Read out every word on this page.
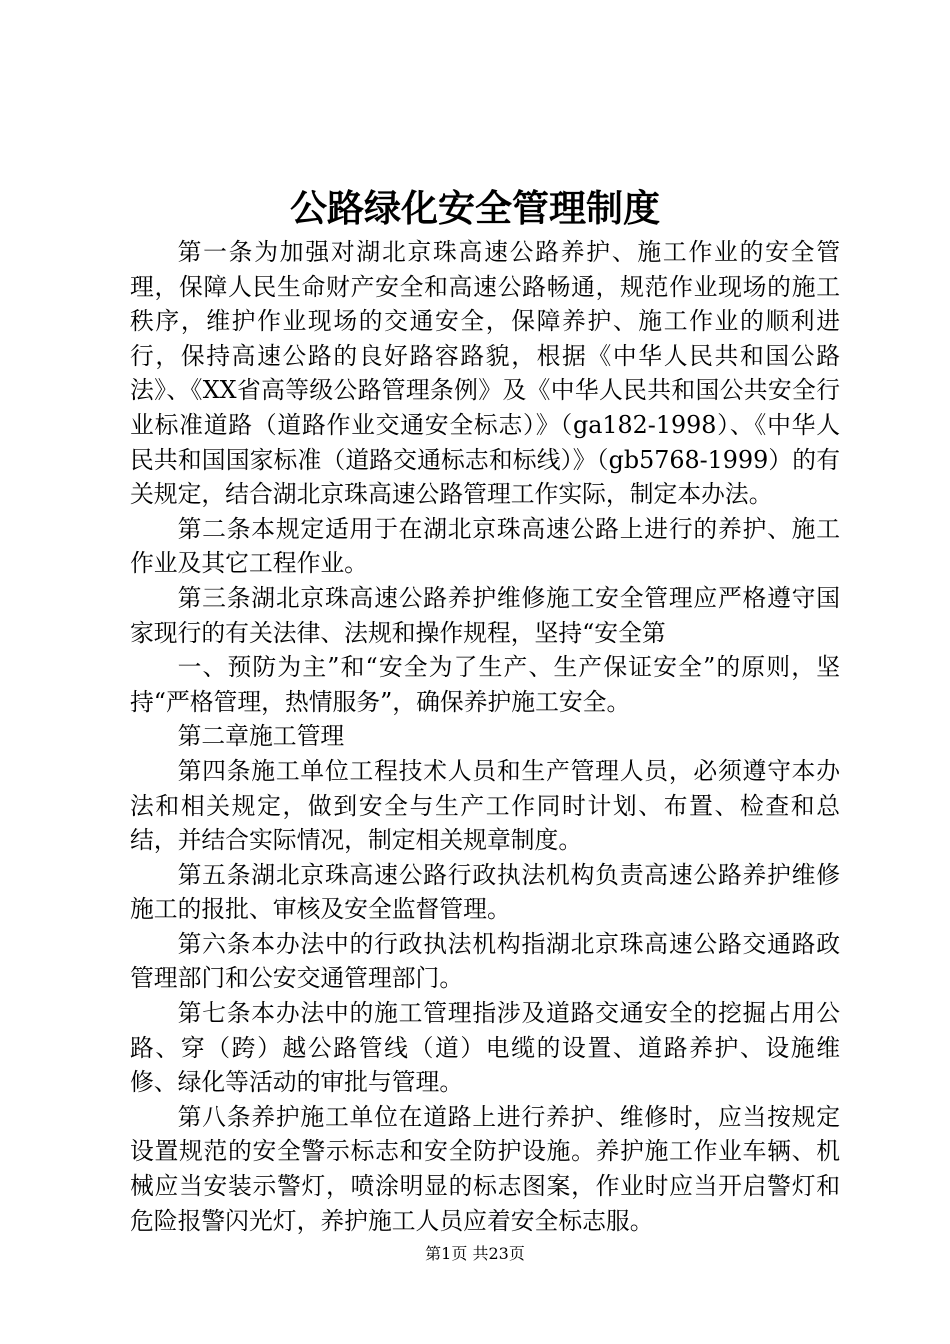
公路绿化安全管理制度

第一条为加强对湖北京珠高速公路养护、施工作业的安全管理，保障人民生命财产安全和高速公路畅通，规范作业现场的施工秩序，维护作业现场的交通安全，保障养护、施工作业的顺利进行，保持高速公路的良好路容路貌，根据《中华人民共和国公路法》、《XX省高等级公路管理条例》及《中华人民共和国公共安全行业标准道路（道路作业交通安全标志）》（ga182-1998）、《中华人民共和国国家标准（道路交通标志和标线）》（gb5768-1999）的有关规定，结合湖北京珠高速公路管理工作实际，制定本办法。

第二条本规定适用于在湖北京珠高速公路上进行的养护、施工作业及其它工程作业。

第三条湖北京珠高速公路养护维修施工安全管理应严格遵守国家现行的有关法律、法规和操作规程，坚持“安全第

一、预防为主”和“安全为了生产、生产保证安全”的原则，坚持“严格管理，热情服务”，确保养护施工安全。

第二章施工管理

第四条施工单位工程技术人员和生产管理人员，必须遵守本办法和相关规定，做到安全与生产工作同时计划、布置、检查和总结，并结合实际情况，制定相关规章制度。

第五条湖北京珠高速公路行政执法机构负责高速公路养护维修施工的报批、审核及安全监督管理。

第六条本办法中的行政执法机构指湖北京珠高速公路交通路政管理部门和公安交通管理部门。

第七条本办法中的施工管理指涉及道路交通安全的挖掘占用公路、穿（跨）越公路管线（道）电缆的设置、道路养护、设施维修、绿化等活动的审批与管理。

第八条养护施工单位在道路上进行养护、维修时，应当按规定设置规范的安全警示标志和安全防护设施。养护施工作业车辆、机械应当安装示警灯，喷涂明显的标志图案，作业时应当开启警灯和危险报警闪光灯，养护施工人员应着安全标志服。

第1页 共23页
